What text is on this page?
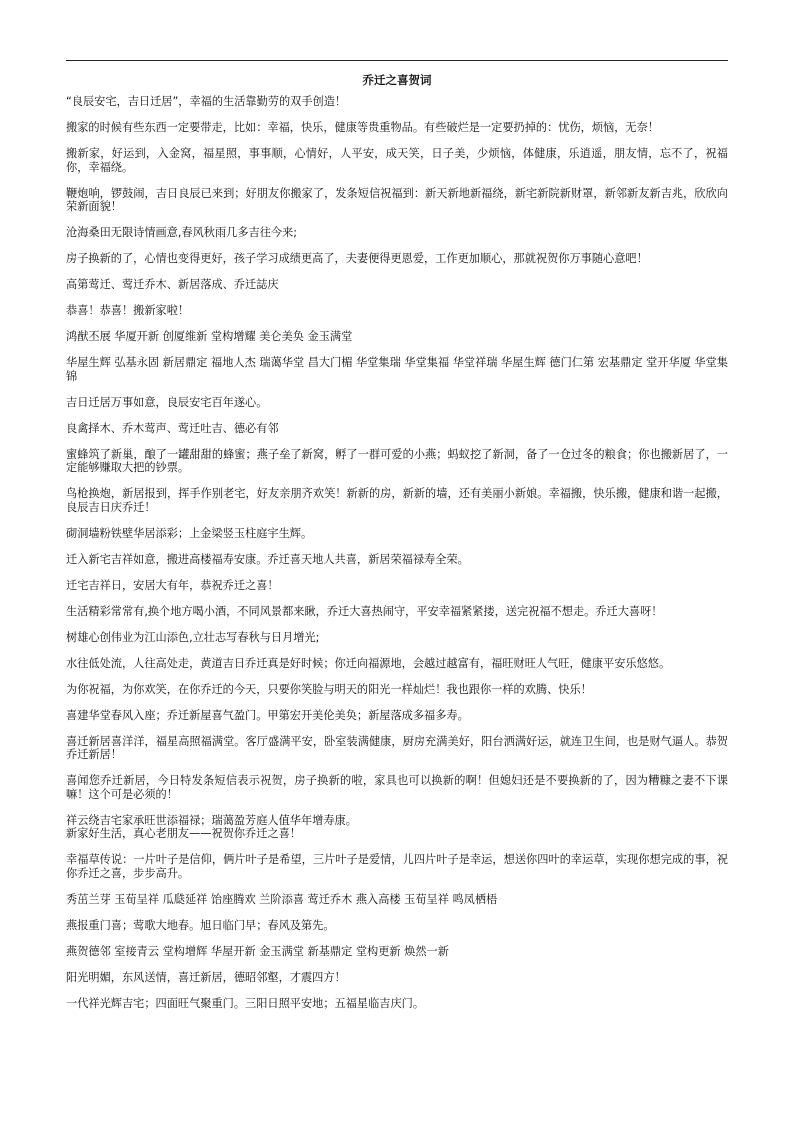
乔迁之喜贺词
“良辰安宅，吉日迁居”，幸福的生活靠勤劳的双手创造！
搬家的时候有些东西一定要带走，比如：幸福，快乐，健康等贵重物品。有些破烂是一定要扔掉的：忧伤，烦恼，无奈！
搬新家，好运到，入金窝，福星照，事事顺，心情好，人平安，成天笑，日子美，少烦恼，体健康，乐逍遥，朋友情，忘不了，祝福你，幸福绕。
鞭炮响，锣鼓闹，吉日良辰已来到；好朋友你搬家了，发条短信祝福到：新天新地新福绕，新宅新院新财罩，新邻新友新吉兆，欣欣向荣新面貌！
沧海桑田无限诗情画意,春风秋雨几多吉往今来;
房子换新的了，心情也变得更好，孩子学习成绩更高了，夫妻便得更恩爱，工作更加顺心，那就祝贺你万事随心意吧！
高第莺迁、莺迁乔木、新居落成、乔迁誌庆
恭喜！恭喜！搬新家啦！
鸿猷丕展 华厦开新 创厦维新 堂构增耀 美仑美奂 金玉满堂
华屋生辉 弘基永固 新居鼎定 福地人杰 瑞蔼华堂 昌大门楣 华堂集瑞 华堂集福 华堂祥瑞 华屋生辉 德门仁第 宏基鼎定 堂开华厦 华堂集锦
吉日迁居万事如意，良辰安宅百年遂心。
良禽择木、乔木莺声、莺迁吐吉、德必有邻
蜜蜂筑了新巢，酿了一罐甜甜的蜂蜜；燕子垒了新窝，孵了一群可爱的小燕；蚂蚁挖了新洞，备了一仓过冬的粮食；你也搬新居了，一定能够赚取大把的钞票。
鸟枪换炮，新居报到，挥手作别老宅，好友亲朋齐欢笑！新新的房，新新的墙，还有美丽小新娘。幸福搬，快乐搬，健康和谐一起搬，良辰吉日庆乔迁！
砌洞墙粉铁壁华居添彩；上金梁竖玉柱庭宇生辉。
迁入新宅吉祥如意，搬进高楼福寿安康。乔迁喜天地人共喜，新居荣福禄寿全荣。
迁宅吉祥日，安居大有年，恭祝乔迁之喜！
生活精彩常常有,换个地方喝小酒，不同风景都来瞅，乔迁大喜热闹守，平安幸福紧紧搂，送完祝福不想走。乔迁大喜呀！
树雄心创伟业为江山添色,立壮志写春秋与日月增光;
水往低处流，人往高处走，黄道吉日乔迁真是好时候；你迁向福源地，会越过越富有，福旺财旺人气旺，健康平安乐悠悠。
为你祝福，为你欢笑，在你乔迁的今天，只要你笑脸与明天的阳光一样灿烂！我也跟你一样的欢腾、快乐！
喜建华堂春风入座；乔迁新屋喜气盈门。甲第宏开美伦美奂；新屋落成多福多寿。
喜迁新居喜洋洋，福星高照福满堂。客厅盛满平安，卧室装满健康，厨房充满美好，阳台洒满好运，就连卫生间，也是财气逼人。恭贺乔迁新居！
喜闻您乔迁新居，今日特发条短信表示祝贺，房子换新的啦，家具也可以换新的啊！但媳妇还是不要换新的了，因为糟糠之妻不下课嘛！这个可是必须的！
祥云绕吉宅家承旺世添福禄；瑞蔼盈芳庭人值华年增寿康。
新家好生活，真心老朋友——祝贺你乔迁之喜！
幸福草传说：一片叶子是信仰，俩片叶子是希望，三片叶子是爱情，儿四片叶子是幸运，想送你四叶的幸运草，实现你想完成的事，祝你乔迁之喜，步步高升。
秀茁兰芽 玉荀呈祥 瓜瓞延祥 饴座腾欢 兰阶添喜 莺迁乔木 燕入高楼 玉荀呈祥 鸣凤栖梧
燕报重门喜；莺歌大地春。旭日临门早；春风及第先。
燕贺德邻 室接青云 堂构增辉 华屋开新 金玉满堂 新基鼎定 堂构更新 焕然一新
阳光明媚，东风送情，喜迁新居，德昭邻壑，才震四方！
一代祥光辉吉宅；四面旺气聚重门。三阳日照平安地；五福星临吉庆门。
